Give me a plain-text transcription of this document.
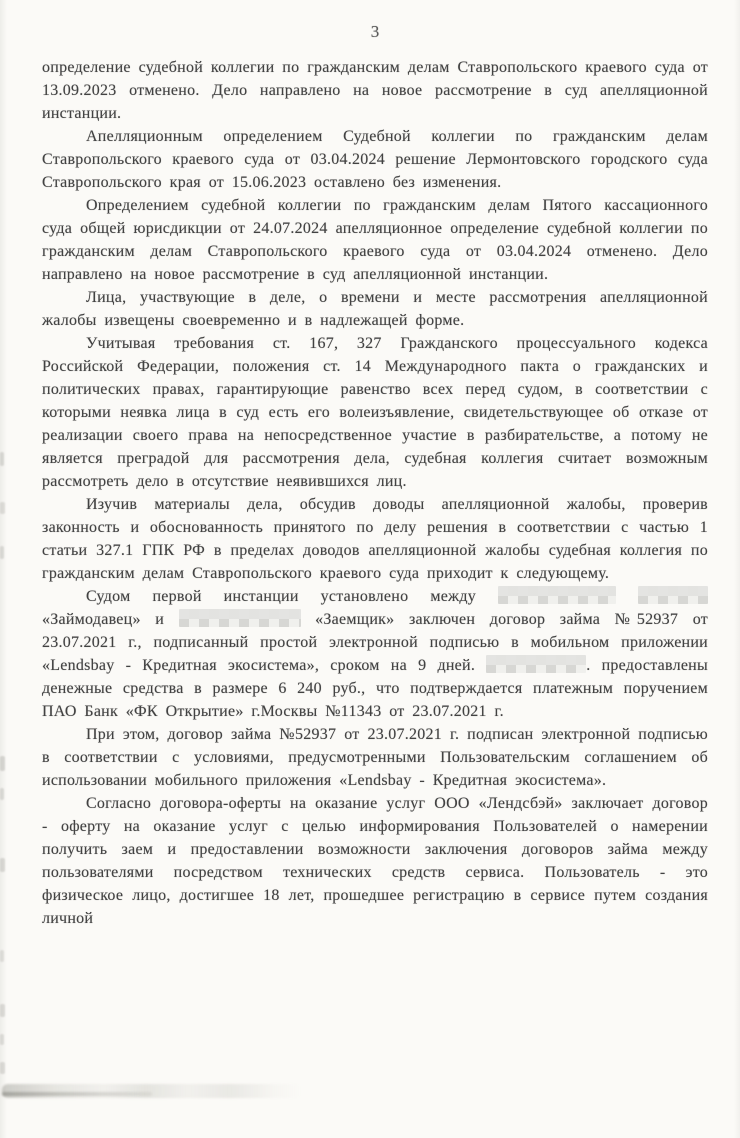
3

определение судебной коллегии по гражданским делам Ставропольского краевого суда от 13.09.2023 отменено. Дело направлено на новое рассмотрение в суд апелляционной инстанции.

Апелляционным определением Судебной коллегии по гражданским делам Ставропольского краевого суда от 03.04.2024 решение Лермонтовского городского суда Ставропольского края от 15.06.2023 оставлено без изменения.

Определением судебной коллегии по гражданским делам Пятого кассационного суда общей юрисдикции от 24.07.2024 апелляционное определение судебной коллегии по гражданским делам Ставропольского краевого суда от 03.04.2024 отменено. Дело направлено на новое рассмотрение в суд апелляционной инстанции.

Лица, участвующие в деле, о времени и месте рассмотрения апелляционной жалобы извещены своевременно и в надлежащей форме.

Учитывая требования ст. 167, 327 Гражданского процессуального кодекса Российской Федерации, положения ст. 14 Международного пакта о гражданских и политических правах, гарантирующие равенство всех перед судом, в соответствии с которыми неявка лица в суд есть его волеизъявление, свидетельствующее об отказе от реализации своего права на непосредственное участие в разбирательстве, а потому не является преградой для рассмотрения дела, судебная коллегия считает возможным рассмотреть дело в отсутствие неявившихся лиц.

Изучив материалы дела, обсудив доводы апелляционной жалобы, проверив законность и обоснованность принятого по делу решения в соответствии с частью 1 статьи 327.1 ГПК РФ в пределах доводов апелляционной жалобы судебная коллегия по гражданским делам Ставропольского краевого суда приходит к следующему.

Судом первой инстанции установлено между   «Займодавец» и	«Заемщик» заключен договор займа №52937 от 23.07.2021 г., подписанный простой электронной подписью в мобильном приложении «Lendsbay - Кредитная экосистема», сроком на 9 дней.	. предоставлены денежные средства в размере 6 240 руб., что подтверждается платежным поручением ПАО Банк «ФК Открытие» г.Москвы №11343 от 23.07.2021 г.

При этом, договор займа №52937 от 23.07.2021 г. подписан электронной подписью в соответствии с условиями, предусмотренными Пользовательским соглашением об использовании мобильного приложения «Lendsbay - Кредитная экосистема».

Согласно договора-оферты на оказание услуг ООО «Лендсбэй» заключает договор - оферту на оказание услуг с целью информирования Пользователей о намерении получить заем и предоставлении возможности заключения договоров займа между пользователями посредством технических средств сервиса. Пользователь - это физическое лицо, достигшее 18 лет, прошедшее регистрацию в сервисе путем создания личной
